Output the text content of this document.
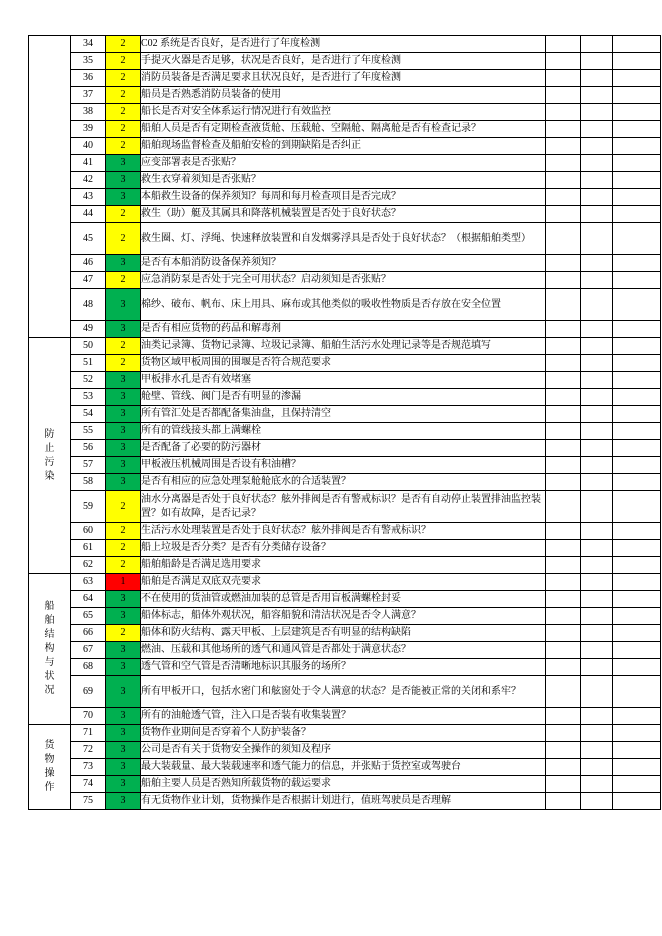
	34	2	C02 系统是否良好，是否进行了年度检测			
	35	2	手提灭火器是否足够，状况是否良好，是否进行了年度检测			
	36	2	消防员装备是否满足要求且状况良好，是否进行了年度检测			
	37	2	船员是否熟悉消防员装备的使用			
	38	2	船长是否对安全体系运行情况进行有效监控			
	39	2	船舶人员是否有定期检查液货舱、压载舱、空隔舱、隔离舱是否有检查记录？			
	40	2	船舶现场监督检查及船舶安检的到期缺陷是否纠正			
	41	3	应变部署表是否张贴？			
	42	3	救生衣穿着须知是否张贴？			
	43	3	本船救生设备的保养须知？每周和每月检查项目是否完成？			
	44	2	救生（助）艇及其属具和降落机械装置是否处于良好状态？			
	45	2	救生圈、灯、浮绳、快速释放装置和自发烟雾浮具是否处于良好状态？（根据船舶类型）			
	46	3	是否有本船消防设备保养须知？			
	47	2	应急消防泵是否处于完全可用状态？启动须知是否张贴？			
	48	3	棉纱、破布、帆布、床上用具、麻布或其他类似的吸收性物质是否存放在安全位置			
	49	3	是否有相应货物的药品和解毒剂			

防止污染	50	2	油类记录簿、货物记录簿、垃圾记录簿、船舶生活污水处理记录等是否规范填写			
	51	2	货物区域甲板周围的围堰是否符合规范要求			
	52	3	甲板排水孔是否有效堵塞			
	53	3	舱壁、管线、阀门是否有明显的渗漏			
	54	3	所有管汇处是否都配备集油盘，且保持清空			
	55	3	所有的管线接头都上满螺栓			
	56	3	是否配备了必要的防污器材			
	57	3	甲板液压机械周围是否设有积油槽？			
	58	3	是否有相应的应急处理泵舱舱底水的合适装置？			
	59	2	油水分离器是否处于良好状态？舷外排阀是否有警戒标识？是否有自动停止装置排油监控装置？如有故障，是否记录？			
	60	2	生活污水处理装置是否处于良好状态？舷外排阀是否有警戒标识？			
	61	2	船上垃圾是否分类？是否有分类储存设备？			
	62	2	船舶船龄是否满足选用要求			

船舶结构与状况	63	1	船舶是否满足双底双壳要求			
	64	3	不在使用的货油管或燃油加装的总管是否用盲板满螺栓封妥			
	65	3	船体标志，船体外观状况，船容船貌和清洁状况是否令人满意？			
	66	2	船体和防火结构、露天甲板、上层建筑是否有明显的结构缺陷			
	67	3	燃油、压载和其他场所的透气和通风管是否都处于满意状态？			
	68	3	透气管和空气管是否清晰地标识其服务的场所？			
	69	3	所有甲板开口，包括水密门和舷窗处于令人满意的状态？是否能被正常的关闭和系牢？			
	70	3	所有的油舱透气管，注入口是否装有收集装置？			

货物操作	71	3	货物作业期间是否穿着个人防护装备？			
	72	3	公司是否有关于货物安全操作的须知及程序			
	73	3	最大装载量、最大装载速率和透气能力的信息，并张贴于货控室或驾驶台			
	74	3	船舶主要人员是否熟知所载货物的载运要求			
	75	3	有无货物作业计划，货物操作是否根据计划进行，值班驾驶员是否理解			
